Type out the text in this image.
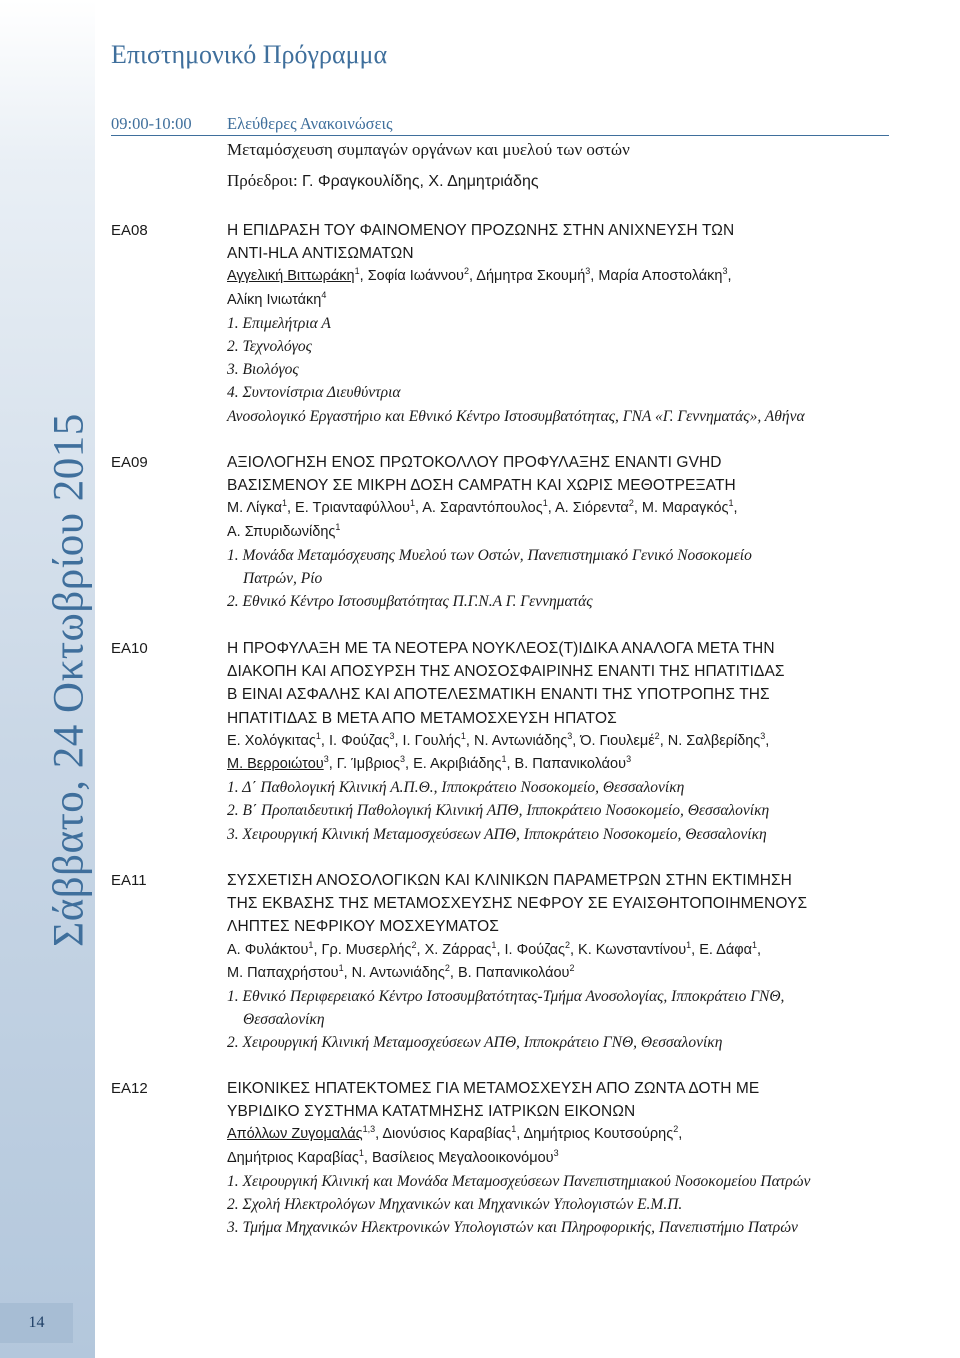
Σάββατο, 24 Οκτωβρίου 2015
14
Επιστημονικό Πρόγραμμα
09:00-10:00 Ελεύθερες Ανακοινώσεις
Μεταμόσχευση συμπαγών οργάνων και μυελού των οστών
Πρόεδροι: Γ. Φραγκουλίδης, Χ. Δημητριάδης
ΕΑ08	Η ΕΠΙΔΡΑΣΗ ΤΟΥ ΦΑΙΝΟΜΕΝΟΥ ΠΡΟΖΩΝΗΣ ΣΤΗΝ ΑΝΙΧΝΕΥΣΗ ΤΩΝ
ANTI-HLA ΑΝΤΙΣΩΜΑΤΩΝ
Αγγελική Βιττωράκη$^1$, Σοφία Ιωάννου$^2$, Δήμητρα Σκουμή$^3$, Μαρία Αποστολάκη$^3$,
Αλίκη Ινιωτάκη$^4$
1. Επιμελήτρια Α
2. Τεχνολόγος
3. Βιολόγος
4. Συντονίστρια Διευθύντρια
Ανοσολογικό Εργαστήριο και Εθνικό Κέντρο Ιστοσυμβατότητας, ΓΝΑ «Γ. Γεννηματάς», Αθήνα
ΕΑ09	ΑΞΙΟΛΟΓΗΣΗ ΕΝΟΣ ΠΡΩΤΟΚΟΛΛΟΥ ΠΡΟΦΥΛΑΞΗΣ ΕΝΑΝΤΙ GVHD
ΒΑΣΙΣΜΕΝΟΥ ΣΕ ΜΙΚΡΗ ΔΟΣΗ CAMPATH ΚΑΙ ΧΩΡΙΣ ΜΕΘΟΤΡΕΞΑΤΗ
Μ. Λίγκα$^1$, Ε. Τριανταφύλλου$^1$, Α. Σαραντόπουλος$^1$, Α. Σιόρεντα$^2$, Μ. Μαραγκός$^1$,
Α. Σπυριδωνίδης$^1$
1. Μονάδα Μεταμόσχευσης Μυελού των Οστών, Πανεπιστημιακό Γενικό Νοσοκομείο
Πατρών, Ρίο
2. Εθνικό Κέντρο Ιστοσυμβατότητας Π.Γ.Ν.Α Γ. Γεννηματάς
ΕΑ10	Η ΠΡΟΦΥΛΑΞΗ ΜΕ ΤΑ ΝΕΟΤΕΡΑ ΝΟΥΚΛΕΟΣ(Τ)ΙΔΙΚΑ ΑΝΑΛΟΓΑ ΜΕΤΑ ΤΗΝ
ΔΙΑΚΟΠΗ ΚΑΙ ΑΠΟΣΥΡΣΗ ΤΗΣ ΑΝΟΣΟΣΦΑΙΡΙΝΗΣ ΕΝΑΝΤΙ ΤΗΣ ΗΠΑΤΙΤΙΔΑΣ
Β ΕΙΝΑΙ ΑΣΦΑΛΗΣ ΚΑΙ ΑΠΟΤΕΛΕΣΜΑΤΙΚΗ ΕΝΑΝΤΙ ΤΗΣ ΥΠΟΤΡΟΠΗΣ ΤΗΣ
ΗΠΑΤΙΤΙΔΑΣ Β ΜΕΤΑ ΑΠΟ ΜΕΤΑΜΟΣΧΕΥΣΗ ΗΠΑΤΟΣ
Ε. Χολόγκιτας$^1$, Ι. Φούζας$^3$, Ι. Γουλής$^1$, Ν. Αντωνιάδης$^3$, Ό. Γιουλεμέ$^2$, Ν. Σαλβερίδης$^3$,
Μ. Βερροιώτου$^3$, Γ. Ίμβριος$^3$, Ε. Ακριβιάδης$^1$, Β. Παπανικολάου$^3$
1. Δ΄ Παθολογική Κλινική Α.Π.Θ., Ιπποκράτειο Νοσοκομείο, Θεσσαλονίκη
2. Β΄ Προπαιδευτική Παθολογική Κλινική ΑΠΘ, Ιπποκράτειο Νοσοκομείο, Θεσσαλονίκη
3. Χειρουργική Κλινική Μεταμοσχεύσεων ΑΠΘ, Ιπποκράτειο Νοσοκομείο, Θεσσαλονίκη
ΕΑ11	ΣΥΣΧΕΤΙΣΗ ΑΝΟΣΟΛΟΓΙΚΩΝ ΚΑΙ ΚΛΙΝΙΚΩΝ ΠΑΡΑΜΕΤΡΩΝ ΣΤΗΝ ΕΚΤΙΜΗΣΗ
ΤΗΣ ΕΚΒΑΣΗΣ ΤΗΣ ΜΕΤΑΜΟΣΧΕΥΣΗΣ ΝΕΦΡΟΥ ΣΕ ΕΥΑΙΣΘΗΤΟΠΟΙΗΜΕΝΟΥΣ
ΛΗΠΤΕΣ ΝΕΦΡΙΚΟΥ ΜΟΣΧΕΥΜΑΤΟΣ
Α. Φυλάκτου$^1$, Γρ. Μυσερλής$^2$, Χ. Ζάρρας$^1$, Ι. Φούζας$^2$, Κ. Κωνσταντίνου$^1$, Ε. Δάφα$^1$,
Μ. Παπαχρήστου$^1$, Ν. Αντωνιάδης$^2$, Β. Παπανικολάου$^2$
1. Εθνικό Περιφερειακό Κέντρο Ιστοσυμβατότητας-Τμήμα Ανοσολογίας, Ιπποκράτειο ΓΝΘ,
Θεσσαλονίκη
2. Χειρουργική Κλινική Μεταμοσχεύσεων ΑΠΘ, Ιπποκράτειο ΓΝΘ, Θεσσαλονίκη
ΕΑ12	ΕΙΚΟΝΙΚΕΣ ΗΠΑΤΕΚΤΟΜΕΣ ΓΙΑ ΜΕΤΑΜΟΣΧΕΥΣΗ ΑΠΟ ΖΩΝΤΑ ΔΟΤΗ ΜΕ
ΥΒΡΙΔΙΚΟ ΣΥΣΤΗΜΑ ΚΑΤΑΤΜΗΣΗΣ ΙΑΤΡΙΚΩΝ ΕΙΚΟΝΩΝ
Απόλλων Ζυγομαλάς$^{1,3}$, Διονύσιος Καραβίας$^1$, Δημήτριος Κουτσούρης$^2$,
Δημήτριος Καραβίας$^1$, Βασίλειος Μεγαλοοικονόμου$^3$
1. Χειρουργική Κλινική και Μονάδα Μεταμοσχεύσεων Πανεπιστημιακού Νοσοκομείου Πατρών
2. Σχολή Ηλεκτρολόγων Μηχανικών και Μηχανικών Υπολογιστών Ε.Μ.Π.
3. Τμήμα Μηχανικών Ηλεκτρονικών Υπολογιστών και Πληροφορικής, Πανεπιστήμιο Πατρών
